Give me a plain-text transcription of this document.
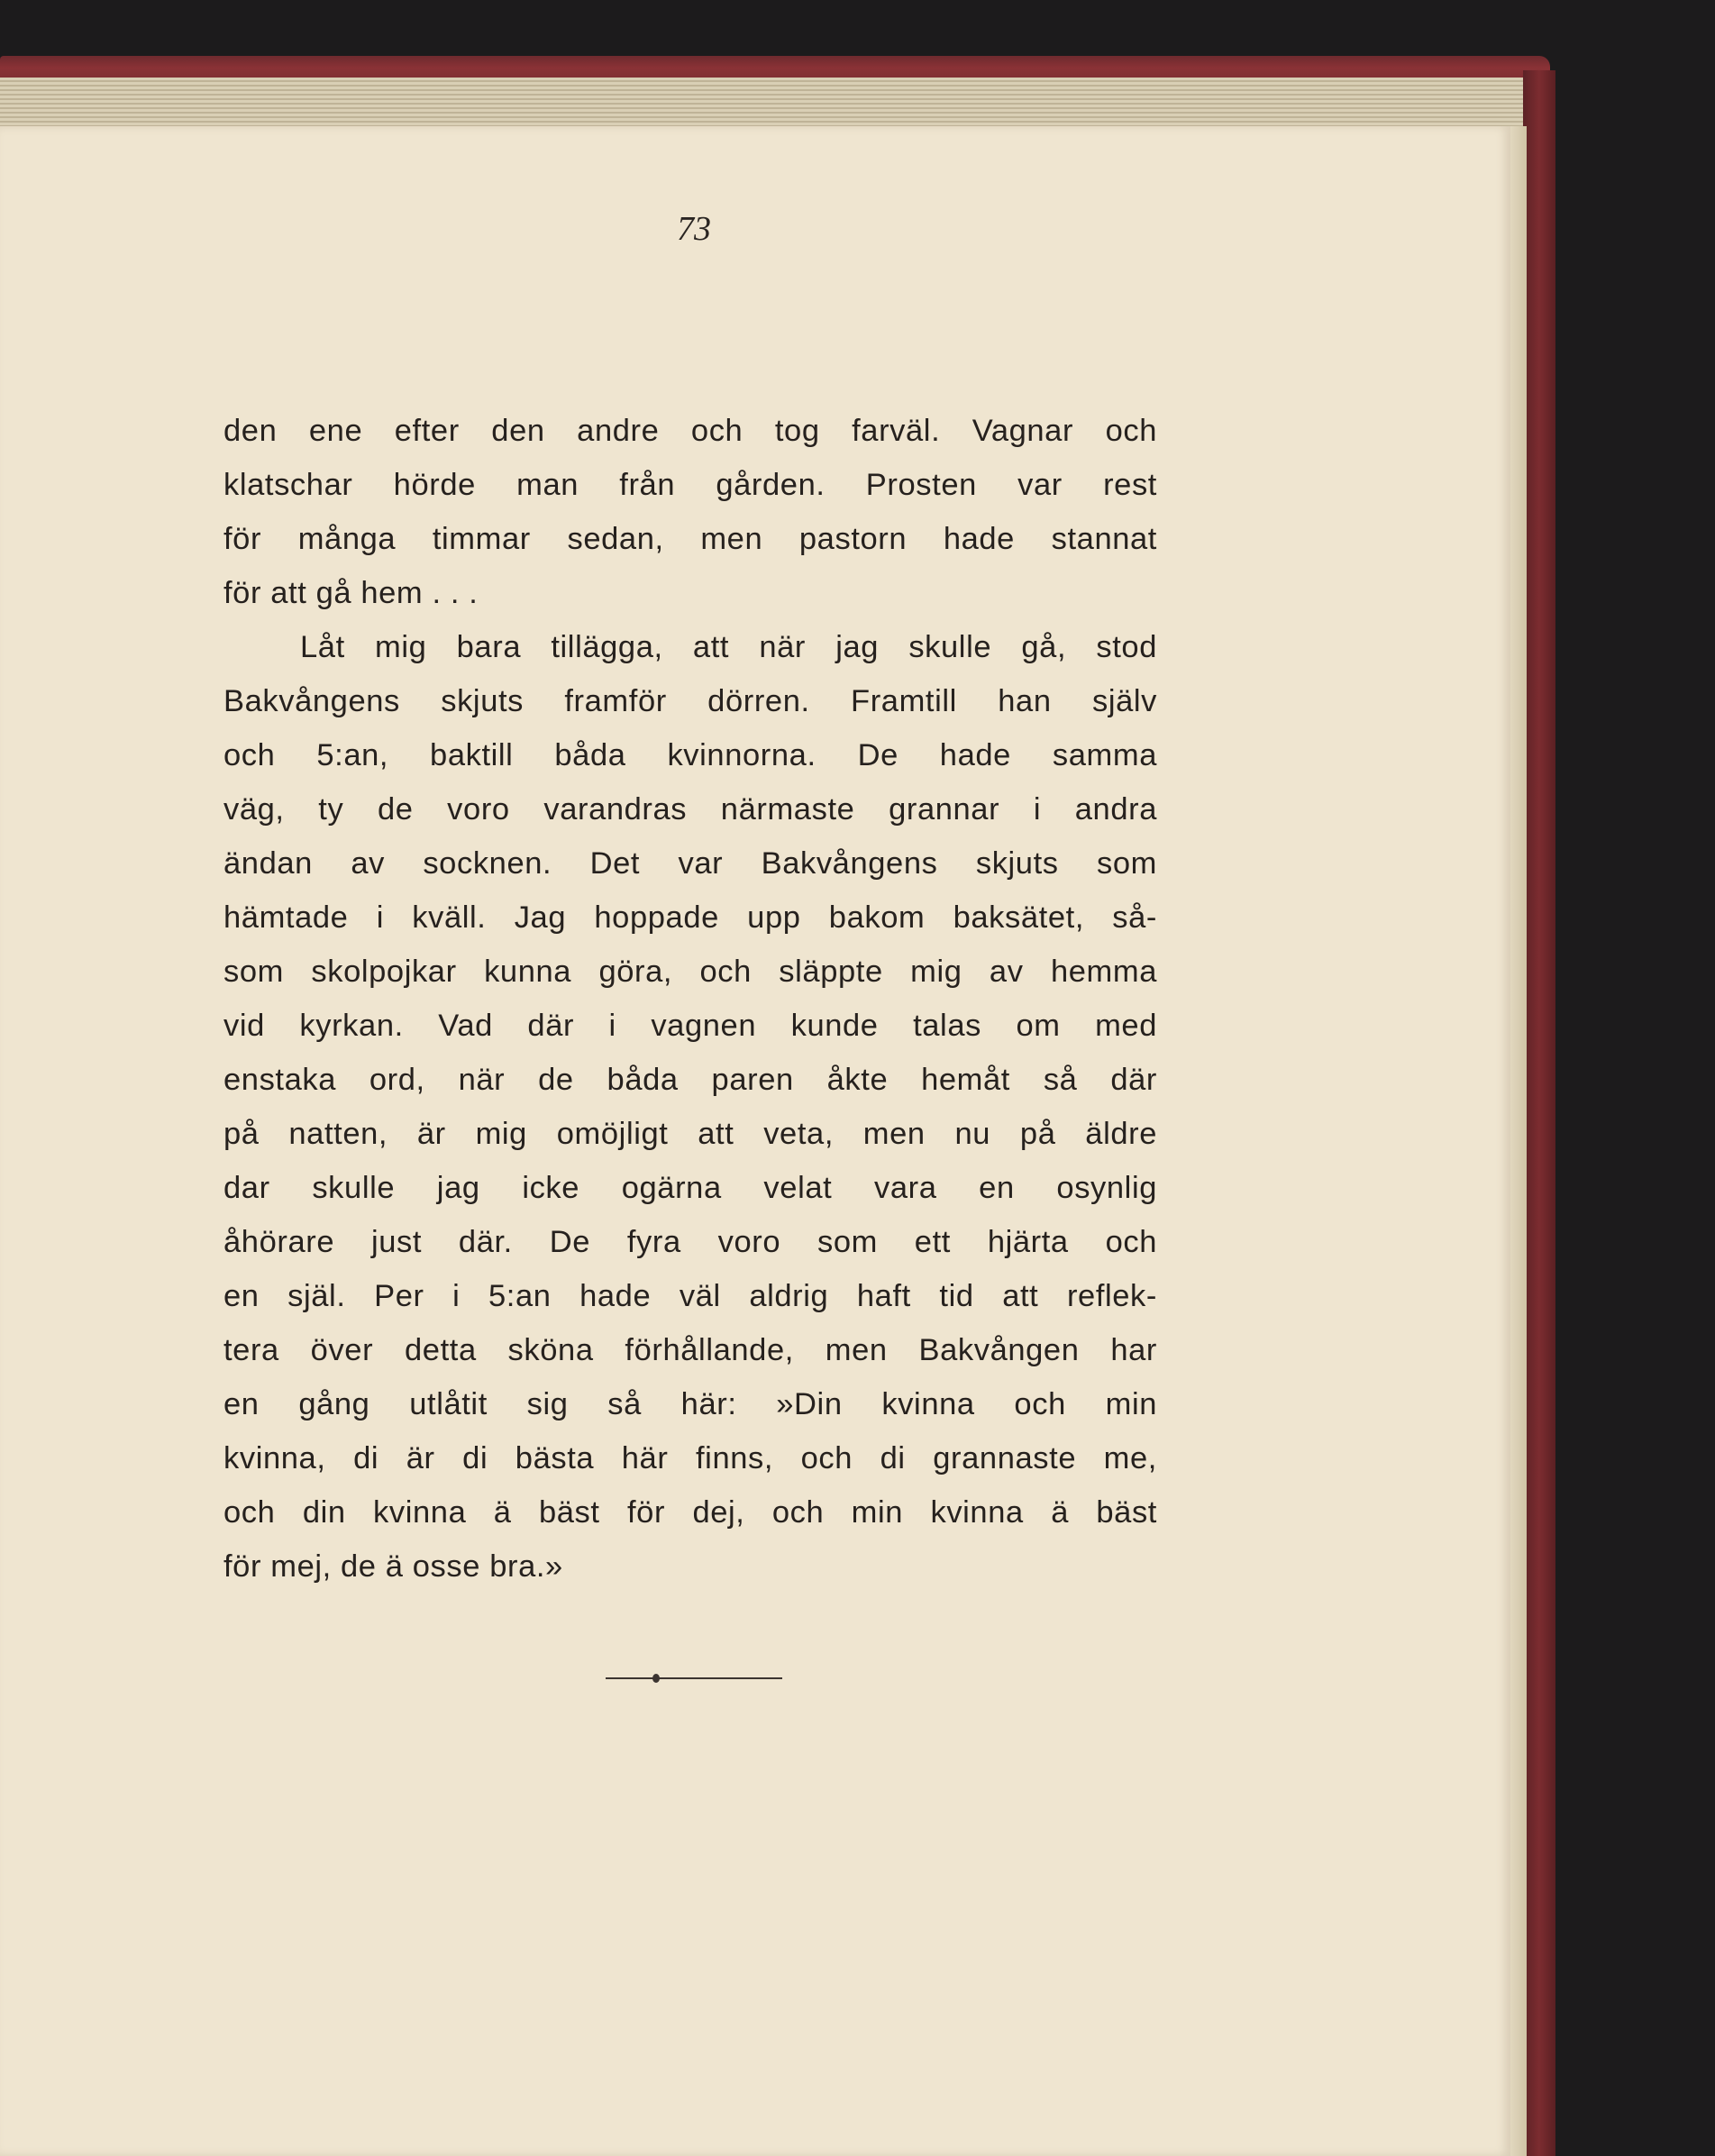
73

den ene efter den andre och tog farväl. Vagnar och
klatschar hörde man från gården. Prosten var rest
för många timmar sedan, men pastorn hade stannat
för att gå hem . . .
Låt mig bara tillägga, att när jag skulle gå, stod
Bakvångens skjuts framför dörren. Framtill han själv
och 5:an, baktill båda kvinnorna. De hade samma
väg, ty de voro varandras närmaste grannar i andra
ändan av socknen. Det var Bakvångens skjuts som
hämtade i kväll. Jag hoppade upp bakom baksätet, så-
som skolpojkar kunna göra, och släppte mig av hemma
vid kyrkan. Vad där i vagnen kunde talas om med
enstaka ord, när de båda paren åkte hemåt så där
på natten, är mig omöjligt att veta, men nu på äldre
dar skulle jag icke ogärna velat vara en osynlig
åhörare just där. De fyra voro som ett hjärta och
en själ. Per i 5:an hade väl aldrig haft tid att reflek-
tera över detta sköna förhållande, men Bakvången har
en gång utlåtit sig så här: »Din kvinna och min
kvinna, di är di bästa här finns, och di grannaste me,
och din kvinna ä bäst för dej, och min kvinna ä bäst
för mej, de ä osse bra.»
